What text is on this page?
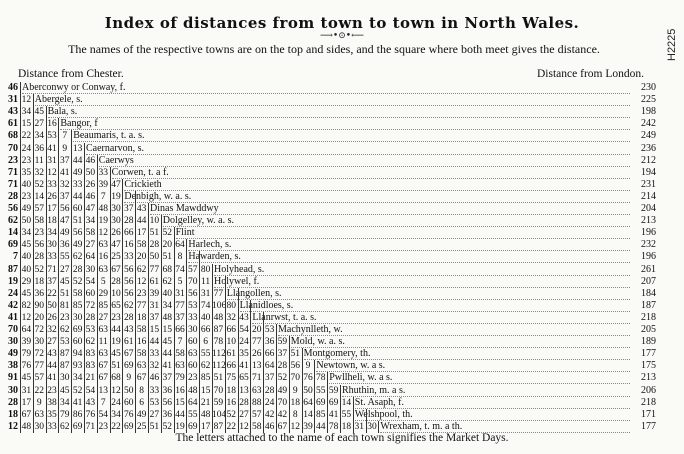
H2225
Index of distances from town to town in North Wales.
⟶•⊙•⟵
The names of the respective towns are on the top and sides, and the square where both meet gives the distance.
Distance from Chester.	Distance from London.
46 Aberconwy or Conway, f.	230
31 12 Abergele, s.	225
43 34 45 Bala, s.	198
61 15 27 16 Bangor, f	242
68 22 34 53 7 Beaumaris, t. a. s.	249
70 24 36 41 9 13 Caernarvon, s.	236
23 23 11 31 37 44 46 Caerwys	212
71 35 32 12 41 49 50 33 Corwen, t. a f.	194
71 40 52 33 32 33 26 39 47 Crickieth	231
28 23 14 26 37 44 46 7 19 Denbigh, w. a. s.	214
56 49 57 17 56 60 47 48 30 37 43 Dinas Mawddwy	204
62 50 58 18 47 51 34 19 30 28 44 10 Dolgelley, w. a. s.	213
14 34 23 34 49 56 58 12 26 66 17 51 52 Flint	196
69 45 56 30 36 49 27 63 47 16 58 28 20 64 Harlech, s.	232
7 40 28 33 55 62 64 16 25 33 20 50 51 8 Hawarden, s.	196
87 40 52 71 27 28 30 63 67 56 62 77 68 74 57 80 Holyhead, s.	261
19 29 18 37 45 52 54 5 28 56 12 61 62 5 70 11 Holywel, f.	207
24 45 36 22 51 58 60 29 10 56 23 39 40 31 56 31 77 Llangollen, s.	184
42 82 90 50 81 85 72 85 65 62 77 31 34 77 53 74 106 80 Llanidloes, s.	187
41 12 20 26 23 30 28 27 23 28 18 37 48 37 33 40 48 32 43 Llanrwst, t. a. s.	218
70 64 72 32 62 69 53 63 44 43 58 15 15 66 30 66 87 66 54 20 53 Machynlleth, w.	205
30 39 30 27 53 60 62 11 19 61 16 44 45 7 60 6 78 10 24 77 36 59 Mold, w. a. s.	189
49 79 72 43 87 94 83 63 45 67 58 33 44 58 63 55 112 61 35 26 66 37 51 Montgomery, th.	177
38 76 77 44 87 93 83 67 51 69 63 32 41 63 60 62 112 66 41 13 64 28 56 9 Newtown, w. a s.	175
91 45 57 41 30 34 21 67 68 9 67 46 37 79 23 85 51 75 65 71 37 52 70 76 78 Pwllheli, w. a s.	213
30 31 22 23 45 52 54 13 12 50 8 33 36 16 48 15 70 18 13 63 28 49 9 50 55 59 Rhuthin, m. a s.	206
28 17 9 38 34 41 43 7 24 60 6 53 56 15 64 21 59 16 28 88 24 70 18 64 69 69 14 St. Asaph, f.	218
18 67 63 35 79 86 76 54 34 76 49 27 36 44 55 48 104 52 27 57 42 42 8 14 85 41 55 Welshpool, th.	171
12 48 30 33 62 69 71 23 22 69 25 51 52 19 69 17 87 22 12 58 46 67 12 39 44 78 18 31 30 Wrexham, t. m. a th.	177
The letters attached to the name of each town signifies the Market Days.
